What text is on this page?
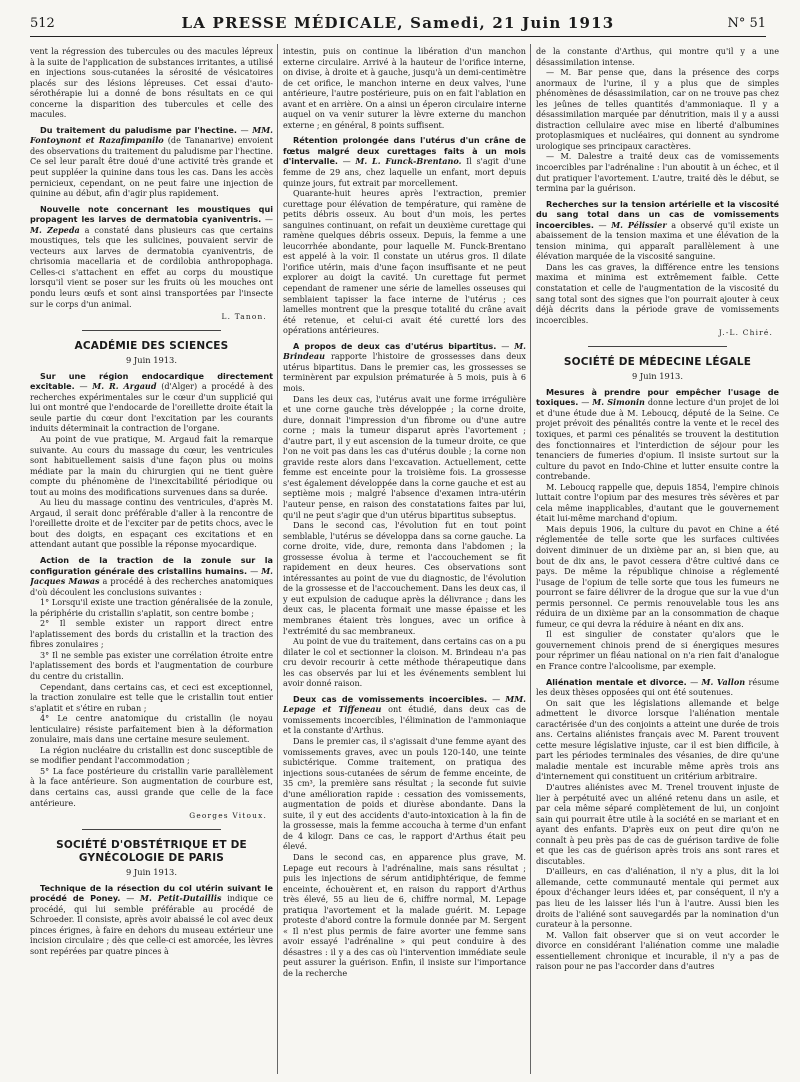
512	LA PRESSE MÉDICALE, Samedi, 21 Juin 1913	N° 51

vent la régression des tubercules ou des macules lépreux à la suite de l'application de substances irritantes, a utilisé en injections sous-cutanées la sérosité de vésicatoires placés sur des lésions lépreuses. Cet essai d'auto-sérothérapie lui a donné de bons résultats en ce qui concerne la disparition des tubercules et celle des macules.

Du traitement du paludisme par l'hectine. — MM. Fontoynont et Razafimpanilo (de Tananarive) envoient des observations du traitement du paludisme par l'hectine. Ce sel leur paraît être doué d'une activité très grande et peut suppléer la quinine dans tous les cas. Dans les accès pernicieux, cependant, on ne peut faire une injection de quinine au début, afin d'agir plus rapidement.

Nouvelle note concernant les moustiques qui propagent les larves de dermatobia cyaniventris. — M. Zepeda a constaté dans plusieurs cas que certains moustiques, tels que les sulicines, pouvaient servir de vecteurs aux larves de dermatobia cyaniventris, de chrisomia macellaria et de cordilobia anthropophaga. Celles-ci s'attachent en effet au corps du moustique lorsqu'il vient se poser sur les fruits où les mouches ont pondu leurs œufs et sont ainsi transportées par l'insecte sur le corps d'un animal.

L. Tanon.

ACADÉMIE DES SCIENCES
9 Juin 1913.

Sur une région endocardique directement excitable. — M. R. Argaud (d'Alger) a procédé à des recherches expérimentales sur le cœur d'un supplicié qui lui ont montré que l'endocarde de l'oreillette droite était la seule partie du cœur dont l'excitation par les courants induits déterminait la contraction de l'organe.

Au point de vue pratique, M. Argaud fait la remarque suivante. Au cours du massage du cœur, les ventricules sont habituellement saisis d'une façon plus ou moins médiate par la main du chirurgien qui ne tient guère compte du phénomène de l'inexcitabilité périodique ou tout au moins des modifications survenues dans sa durée.

Au lieu du massage continu des ventricules, d'après M. Argaud, il serait donc préférable d'aller à la rencontre de l'oreillette droite et de l'exciter par de petits chocs, avec le bout des doigts, en espaçant ces excitations et en attendant autant que possible la réponse myocardique.

Action de la traction de la zonule sur la configuration générale des cristallins humains. — M. Jacques Mawas a procédé à des recherches anatomiques d'où découlent les conclusions suivantes :

1° Lorsqu'il existe une traction généralisée de la zonule, la périphérie du cristallin s'aplatit, son centre bombe ;

2° Il semble exister un rapport direct entre l'aplatissement des bords du cristallin et la traction des fibres zonulaires ;

3° Il ne semble pas exister une corrélation étroite entre l'aplatissement des bords et l'augmentation de courbure du centre du cristallin.

Cependant, dans certains cas, et ceci est exceptionnel, la traction zonulaire est telle que le cristallin tout entier s'aplatit et s'étire en ruban ;

4° Le centre anatomique du cristallin (le noyau lenticulaire) résiste parfaitement bien à la déformation zonulaire, mais dans une certaine mesure seulement.

La région nucléaire du cristallin est donc susceptible de se modifier pendant l'accommodation ;

5° La face postérieure du cristallin varie parallèlement à la face antérieure. Son augmentation de courbure est, dans certains cas, aussi grande que celle de la face antérieure.

Georges Vitoux.

SOCIÉTÉ D'OBSTÉTRIQUE ET DE GYNÉCOLOGIE DE PARIS
9 Juin 1913.

Technique de la résection du col utérin suivant le procédé de Poney. — M. Petit-Dutaillis indique ce procédé, qui lui semble préférable au procédé de Schroeder. Il consiste, après avoir abaissé le col avec deux pinces érignes, à faire en dehors du museau extérieur une incision circulaire ; dès que celle-ci est amorcée, les lèvres sont repérées par quatre pinces à

intestin, puis on continue la libération d'un manchon externe circulaire. Arrivé à la hauteur de l'orifice interne, on divise, à droite et à gauche, jusqu'à un demi-centimètre de cet orifice, le manchon interne en deux valves, l'une antérieure, l'autre postérieure, puis on en fait l'ablation en avant et en arrière. On a ainsi un éperon circulaire interne auquel on va venir suturer la lèvre externe du manchon externe ; en général, 8 points suffisent.

Rétention prolongée dans l'utérus d'un crâne de fœtus malgré deux curettages faits à un mois d'intervalle. — M. L. Funck-Brentano. Il s'agit d'une femme de 29 ans, chez laquelle un enfant, mort depuis quinze jours, fut extrait par morcellement.

Quarante-huit heures après l'extraction, premier curettage pour élévation de température, qui ramène de petits débris osseux. Au bout d'un mois, les pertes sanguines continuant, on refait un deuxième curettage qui ramène quelques débris osseux. Depuis, la femme a une leucorrhée abondante, pour laquelle M. Funck-Brentano est appelé à la voir. Il constate un utérus gros. Il dilate l'orifice utérin, mais d'une façon insuffisante et ne peut explorer au doigt la cavité. Un curettage fut permet cependant de ramener une série de lamelles osseuses qui semblaient tapisser la face interne de l'utérus ; ces lamelles montrent que la presque totalité du crâne avait été retenue, et celui-ci avait été curetté lors des opérations antérieures.

A propos de deux cas d'utérus bipartitus. — M. Brindeau rapporte l'histoire de grossesses dans deux utérus bipartitus. Dans le premier cas, les grossesses se terminèrent par expulsion prématurée à 5 mois, puis à 6 mois.

Dans les deux cas, l'utérus avait une forme irrégulière et une corne gauche très développée ; la corne droite, dure, donnait l'impression d'un fibrome ou d'une autre corne ; mais la tumeur disparut après l'avortement ; d'autre part, il y eut ascension de la tumeur droite, ce que l'on ne voit pas dans les cas d'utérus double ; la corne non gravide reste alors dans l'excavation. Actuellement, cette femme est enceinte pour la troisième fois. La grossesse s'est également développée dans la corne gauche et est au septième mois ; malgré l'absence d'examen intra-utérin l'auteur pense, en raison des constatations faites par lui, qu'il ne peut s'agir que d'un utérus bipartitus subseptus.

Dans le second cas, l'évolution fut en tout point semblable, l'utérus se développa dans sa corne gauche. La corne droite, vide, dure, remonta dans l'abdomen ; la grossesse évolua à terme et l'accouchement se fit rapidement en deux heures. Ces observations sont intéressantes au point de vue du diagnostic, de l'évolution de la grossesse et de l'accouchement. Dans les deux cas, il y eut expulsion de caduque après la délivrance ; dans les deux cas, le placenta formait une masse épaisse et les membranes étaient très longues, avec un orifice à l'extrémité du sac membraneux.

Au point de vue du traitement, dans certains cas on a pu dilater le col et sectionner la cloison. M. Brindeau n'a pas cru devoir recourir à cette méthode thérapeutique dans les cas observés par lui et les événements semblent lui avoir donné raison.

Deux cas de vomissements incoercibles. — MM. Lepage et Tiffeneau ont étudié, dans deux cas de vomissements incoercibles, l'élimination de l'ammoniaque et la constante d'Arthus.

Dans le premier cas, il s'agissait d'une femme ayant des vomissements graves, avec un pouls 120-140, une teinte subictérique. Comme traitement, on pratiqua des injections sous-cutanées de sérum de femme enceinte, de 35 cm³, la première sans résultat ; la seconde fut suivie d'une amélioration rapide : cessation des vomissements, augmentation de poids et diurèse abondante. Dans la suite, il y eut des accidents d'auto-intoxication à la fin de la grossesse, mais la femme accoucha à terme d'un enfant de 4 kilogr. Dans ce cas, le rapport d'Arthus était peu élevé.

Dans le second cas, en apparence plus grave, M. Lepage eut recours à l'adrénaline, mais sans résultat ; puis les injections de sérum antidiphtérique, de femme enceinte, échouèrent et, en raison du rapport d'Arthus très élevé, 55 au lieu de 6, chiffre normal, M. Lepage pratiqua l'avortement et la malade guérit. M. Lepage proteste d'abord contre la formule donnée par M. Sergent « Il n'est plus permis de faire avorter une femme sans avoir essayé l'adrénaline » qui peut conduire à des désastres : il y a des cas où l'intervention immédiate seule peut assurer la guérison. Enfin, il insiste sur l'importance de la recherche

de la constante d'Arthus, qui montre qu'il y a une désassimilation intense.

— M. Bar pense que, dans la présence des corps anormaux de l'urine, il y a plus que de simples phénomènes de désassimilation, car on ne trouve pas chez les jeûnes de telles quantités d'ammoniaque. Il y a désassimilation marquée par dénutrition, mais il y a aussi distraction cellulaire avec mise en liberté d'albumines protoplasmiques et nucléaires, qui donnent au syndrome urologique ses principaux caractères.

— M. Dalestre a traité deux cas de vomissements incoercibles par l'adrénaline : l'un aboutit à un échec, et il dut pratiquer l'avortement. L'autre, traité dès le début, se termina par la guérison.

Recherches sur la tension artérielle et la viscosité du sang total dans un cas de vomissements incoercibles. — M. Pélissier a observé qu'il existe un abaissement de la tension maxima et une élévation de la tension minima, qui apparaît parallèlement à une élévation marquée de la viscosité sanguine.

Dans les cas graves, la différence entre les tensions maxima et minima est extrêmement faible. Cette constatation et celle de l'augmentation de la viscosité du sang total sont des signes que l'on pourrait ajouter à ceux déjà décrits dans la période grave de vomissements incoercibles.

J.-L. Chiré.

SOCIÉTÉ DE MÉDECINE LÉGALE
9 Juin 1913.

Mesures à prendre pour empêcher l'usage de toxiques. — M. Simonin donne lecture d'un projet de loi et d'une étude due à M. Leboucq, député de la Seine. Ce projet prévoit des pénalités contre la vente et le recel des toxiques, et parmi ces pénalités se trouvent la destitution des fonctionnaires et l'interdiction de séjour pour les tenanciers de fumeries d'opium. Il insiste surtout sur la culture du pavot en Indo-Chine et lutter ensuite contre la contrebande.

M. Leboucq rappelle que, depuis 1854, l'empire chinois luttait contre l'opium par des mesures très sévères et par cela même inapplicables, d'autant que le gouvernement était lui-même marchand d'opium.

Mais depuis 1906, la culture du pavot en Chine a été réglementée de telle sorte que les surfaces cultivées doivent diminuer de un dixième par an, si bien que, au bout de dix ans, le pavot cessera d'être cultivé dans ce pays. De même la république chinoise a réglementé l'usage de l'opium de telle sorte que tous les fumeurs ne pourront se faire délivrer de la drogue que sur la vue d'un permis personnel. Ce permis renouvelable tous les ans réduira de un dixième par an la consommation de chaque fumeur, ce qui devra la réduire à néant en dix ans.

Il est singulier de constater qu'alors que le gouvernement chinois prend de si énergiques mesures pour réprimer un fléau national on n'a rien fait d'analogue en France contre l'alcoolisme, par exemple.

Aliénation mentale et divorce. — M. Vallon résume les deux thèses opposées qui ont été soutenues.

On sait que les législations allemande et belge admettent le divorce lorsque l'aliénation mentale caractérisée d'un des conjoints a atteint une durée de trois ans. Certains aliénistes français avec M. Parent trouvent cette mesure législative injuste, car il est bien difficile, à part les périodes terminales des vésanies, de dire qu'une maladie mentale est incurable même après trois ans d'internement qui constituent un critérium arbitraire.

D'autres aliénistes avec M. Trenel trouvent injuste de lier à perpétuité avec un aliéné retenu dans un asile, et par cela même séparé complètement de lui, un conjoint sain qui pourrait être utile à la société en se mariant et en ayant des enfants. D'après eux on peut dire qu'on ne connaît à peu près pas de cas de guérison tardive de folie et que les cas de guérison après trois ans sont rares et discutables.

D'ailleurs, en cas d'aliénation, il n'y a plus, dit la loi allemande, cette communauté mentale qui permet aux époux d'échanger leurs idées et, par conséquent, il n'y a pas lieu de les laisser liés l'un à l'autre. Aussi bien les droits de l'aliéné sont sauvegardés par la nomination d'un curateur à la personne.

M. Vallon fait observer que si on veut accorder le divorce en considérant l'aliénation comme une maladie essentiellement chronique et incurable, il n'y a pas de raison pour ne pas l'accorder dans d'autres
